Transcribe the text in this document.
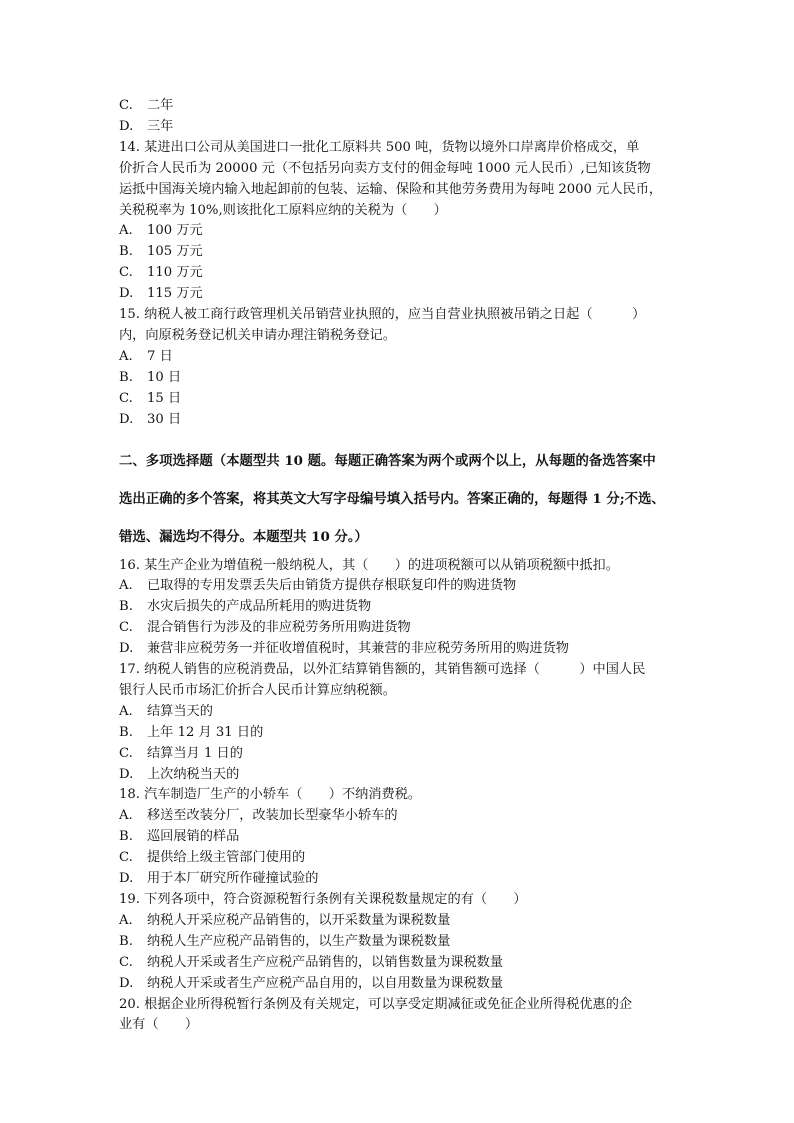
C. 二年
D. 三年
14. 某进出口公司从美国进口一批化工原料共 500 吨，货物以境外口岸离岸价格成交，单
价折合人民币为 20000 元（不包括另向卖方支付的佣金每吨 1000 元人民币）,已知该货物
运抵中国海关境内输入地起卸前的包装、运输、保险和其他劳务费用为每吨 2000 元人民币，
关税税率为 10%,则该批化工原料应纳的关税为（　　）
A. 100 万元
B. 105 万元
C. 110 万元
D. 115 万元
15. 纳税人被工商行政管理机关吊销营业执照的，应当自营业执照被吊销之日起（　　　）
内，向原税务登记机关申请办理注销税务登记。
A. 7 日
B. 10 日
C. 15 日
D. 30 日
二、多项选择题（本题型共 10 题。每题正确答案为两个或两个以上，从每题的备选答案中
选出正确的多个答案，将其英文大写字母编号填入括号内。答案正确的，每题得 1 分;不选、
错选、漏选均不得分。本题型共 10 分。）
16. 某生产企业为增值税一般纳税人，其（　　）的进项税额可以从销项税额中抵扣。
A. 已取得的专用发票丢失后由销货方提供存根联复印件的购进货物
B. 水灾后损失的产成品所耗用的购进货物
C. 混合销售行为涉及的非应税劳务所用购进货物
D. 兼营非应税劳务一并征收增值税时，其兼营的非应税劳务所用的购进货物
17. 纳税人销售的应税消费品，以外汇结算销售额的，其销售额可选择（　　　）中国人民
银行人民币市场汇价折合人民币计算应纳税额。
A. 结算当天的
B. 上年 12 月 31 日的
C. 结算当月 1 日的
D. 上次纳税当天的
18. 汽车制造厂生产的小轿车（　　）不纳消费税。
A. 移送至改装分厂，改装加长型豪华小轿车的
B. 巡回展销的样品
C. 提供给上级主管部门使用的
D. 用于本厂研究所作碰撞试验的
19. 下列各项中，符合资源税暂行条例有关课税数量规定的有（　　）
A. 纳税人开采应税产品销售的，以开采数量为课税数量
B. 纳税人生产应税产品销售的，以生产数量为课税数量
C. 纳税人开采或者生产应税产品销售的，以销售数量为课税数量
D. 纳税人开采或者生产应税产品自用的，以自用数量为课税数量
20. 根据企业所得税暂行条例及有关规定，可以享受定期减征或免征企业所得税优惠的企
业有（　　）
